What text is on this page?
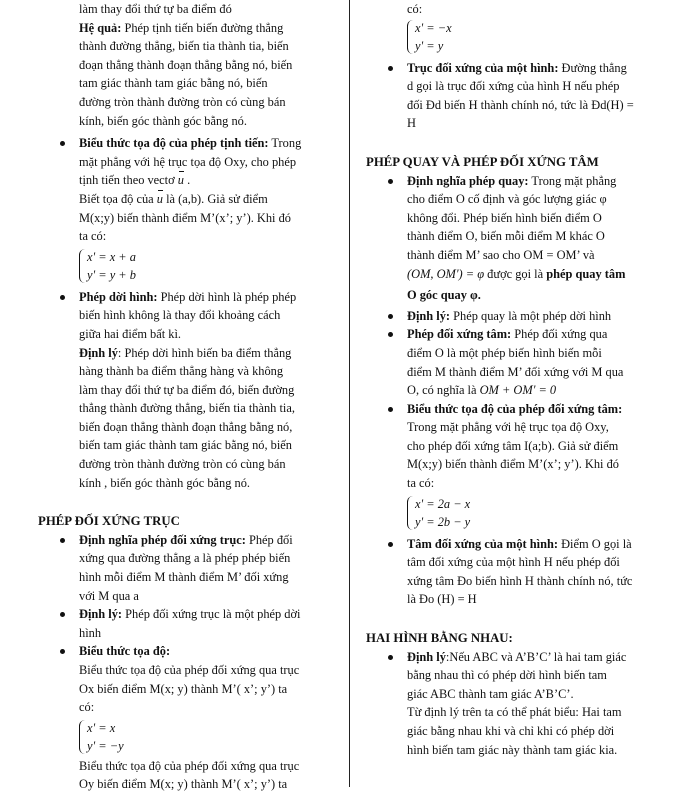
làm thay đổi thứ tự ba điểm đó

Hệ quả: Phép tịnh tiến biến đường thẳng

thành đường thẳng, biến tia thành tia, biến

đoạn thẳng thành đoạn thẳng bằng nó, biến

tam giác thành tam giác bằng nó, biến

đường tròn thành đường tròn có cùng bán

kính, biến góc thành góc bằng nó.

Biểu thức tọa độ của phép tịnh tiến: Trong

mặt phẳng với hệ trục tọa độ Oxy, cho phép

tịnh tiến theo vectơ u .

Biết tọa độ của u là (a,b). Giả sử điểm

M(x;y) biến thành điểm M’(x’; y’). Khi đó

ta có:

x' = x + a
y' = y + b

Phép dời hình: Phép dời hình là phép phép

biến hình không là thay đổi khoảng cách

giữa hai điểm bất kì.

Định lý: Phép dời hình biến ba điểm thẳng

hàng thành ba điểm thẳng hàng và không

làm thay đổi thứ tự ba điểm đó, biến đường

thẳng thành đường thẳng, biến tia thành tia,

biến đoạn thẳng thành đoạn thẳng bằng nó,

biến tam giác thành tam giác bằng nó, biến

đường tròn thành đường tròn có cùng bán

kính , biến góc thành góc bằng nó.

PHÉP ĐỐI XỨNG TRỤC

Định nghĩa phép đối xứng trục: Phép đối

xứng qua đường thẳng a là phép phép biến

hình mỗi điểm M thành điểm M’ đối xứng

với M qua a

Định lý: Phép đối xứng trục là một phép dời

hình

Biểu thức tọa độ:

Biểu thức tọa độ của phép đối xứng qua trục

Ox biến điểm M(x; y) thành M’( x’; y’) ta

có:

x' = x
y' = −y

Biểu thức tọa độ của phép đối xứng qua trục

Oy biến điểm M(x; y) thành M’( x’; y’) ta

có:

x' = −x
y' = y

Trục đối xứng của một hình: Đường thẳng

d gọi là trục đối xứng của hình H nếu phép

đối Đd biến H thành chính nó, tức là Đd(H) =

H

PHÉP QUAY VÀ PHÉP ĐỐI XỨNG TÂM

Định nghĩa phép quay: Trong mặt phẳng

cho điểm O cố định và góc lượng giác φ

không đổi. Phép biến hình biến điểm O

thành điểm O, biến mỗi điểm M khác O

thành điểm M’ sao cho OM = OM’ và

(OM, OM') = φ được gọi là phép quay tâm

O góc quay φ.

Định lý: Phép quay là một phép dời hình

Phép đối xứng tâm: Phép đối xứng qua

điểm O là một phép biến hình biến mỗi

điểm M thành điểm M’ đối xứng với M qua

O, có nghĩa là OM + OM' = 0

Biểu thức tọa độ của phép đối xứng tâm:

Trong mặt phẳng với hệ trục tọa độ Oxy,

cho phép đối xứng tâm I(a;b). Giả sử điểm

M(x;y) biến thành điểm M’(x’; y’). Khi đó

ta có:

x' = 2a − x
y' = 2b − y

Tâm đối xứng của một hình: Điểm O gọi là

tâm đối xứng của một hình H nếu phép đối

xứng tâm Đo biến hình H thành chính nó, tức

là Đo (H) = H

HAI HÌNH BẰNG NHAU:

Định lý:Nếu ABC và A’B’C’ là hai tam giác

bằng nhau thì có phép dời hình biến tam

giác ABC thành tam giác A’B’C’.

Từ định lý trên ta có thể phát biểu: Hai tam

giác bằng nhau khi và chỉ khi có phép dời

hình biến tam giác này thành tam giác kia.
